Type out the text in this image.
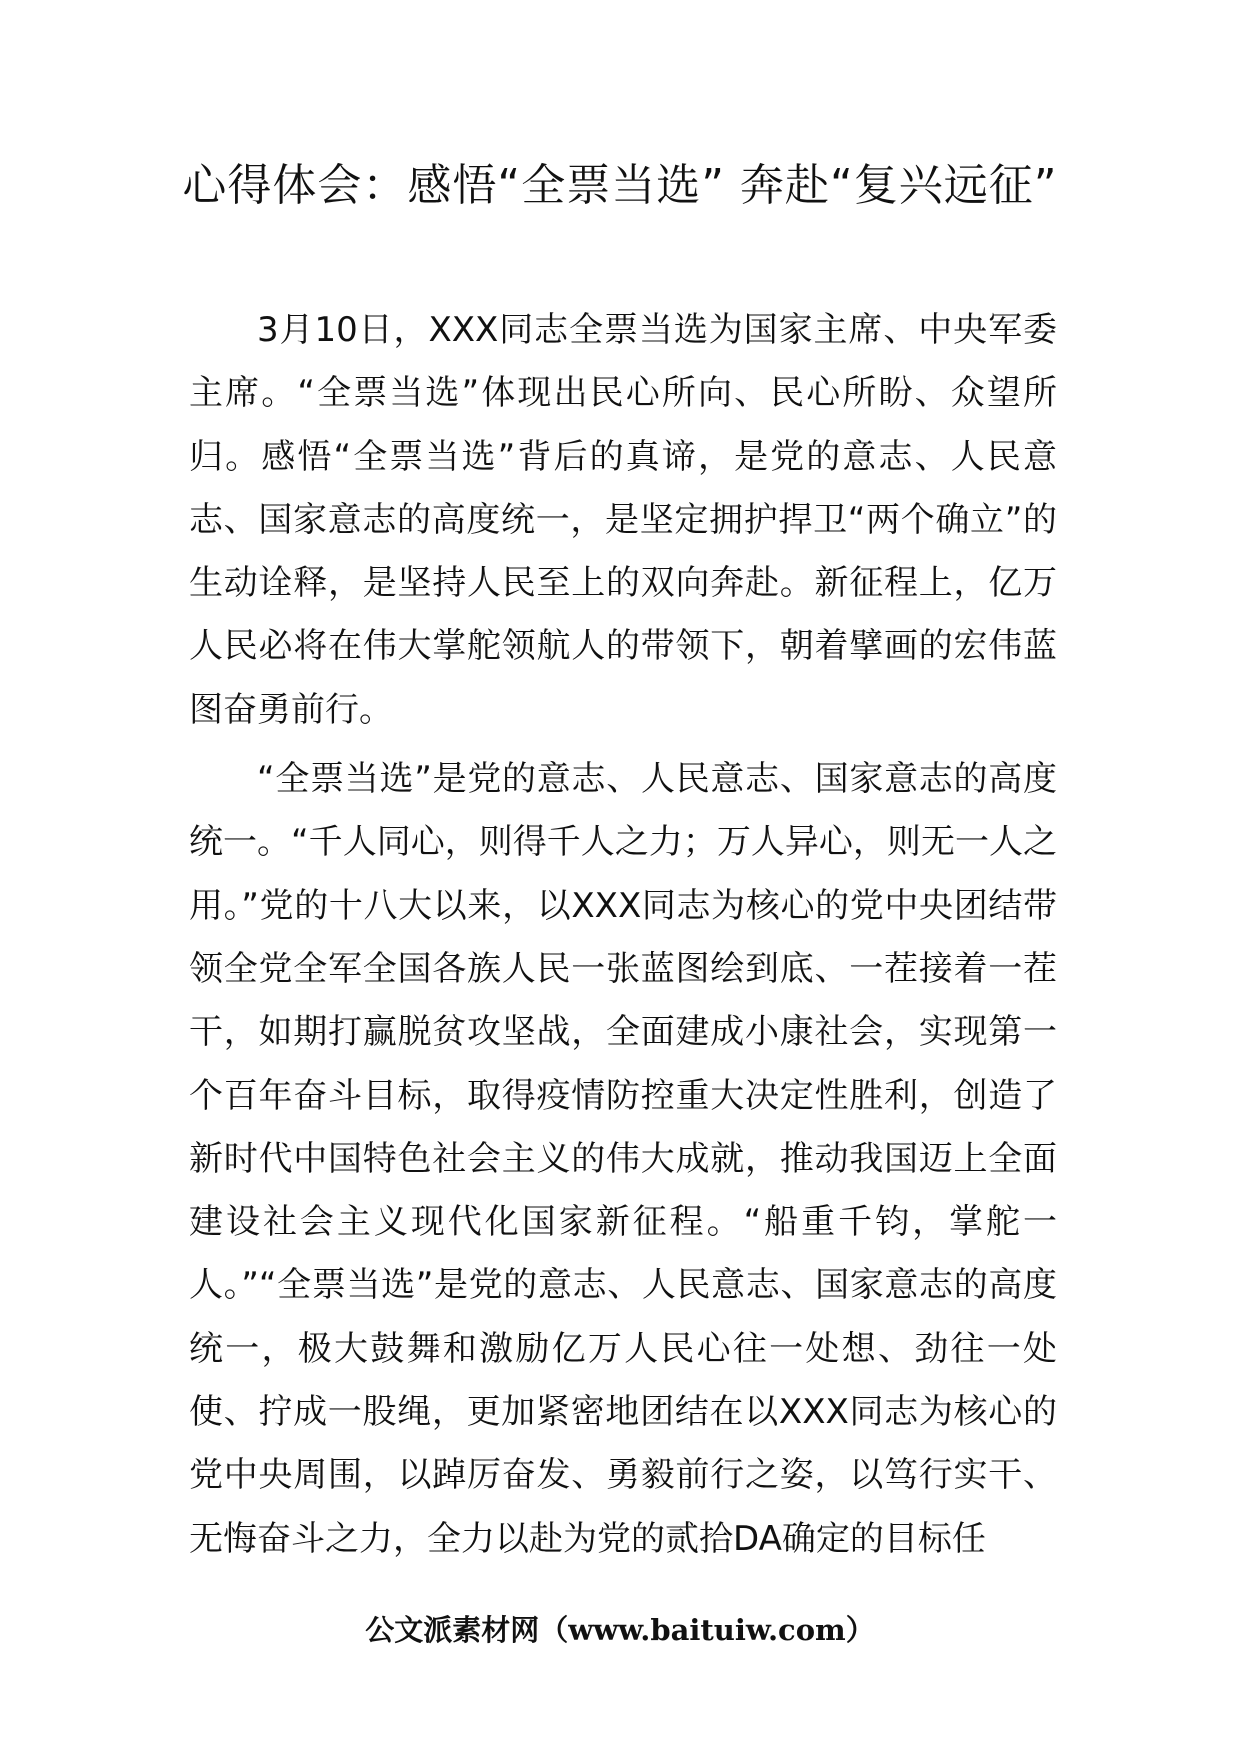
心得体会：感悟“全票当选” 奔赴“复兴远征”

3月10日，XXX同志全票当选为国家主席、中央军委主席。“全票当选”体现出民心所向、民心所盼、众望所归。感悟“全票当选”背后的真谛，是党的意志、人民意志、国家意志的高度统一，是坚定拥护捍卫“两个确立”的生动诠释，是坚持人民至上的双向奔赴。新征程上，亿万人民必将在伟大掌舵领航人的带领下，朝着擘画的宏伟蓝图奋勇前行。

“全票当选”是党的意志、人民意志、国家意志的高度统一。“千人同心，则得千人之力；万人异心，则无一人之用。”党的十八大以来，以XXX同志为核心的党中央团结带领全党全军全国各族人民一张蓝图绘到底、一茬接着一茬干，如期打赢脱贫攻坚战，全面建成小康社会，实现第一个百年奋斗目标，取得疫情防控重大决定性胜利，创造了新时代中国特色社会主义的伟大成就，推动我国迈上全面建设社会主义现代化国家新征程。“船重千钧，掌舵一人。”“全票当选”是党的意志、人民意志、国家意志的高度统一，极大鼓舞和激励亿万人民心往一处想、劲往一处使、拧成一股绳，更加紧密地团结在以XXX同志为核心的党中央周围，以踔厉奋发、勇毅前行之姿，以笃行实干、无悔奋斗之力，全力以赴为党的贰拾DA确定的目标任

公文派素材网（www.baituiw.com）
